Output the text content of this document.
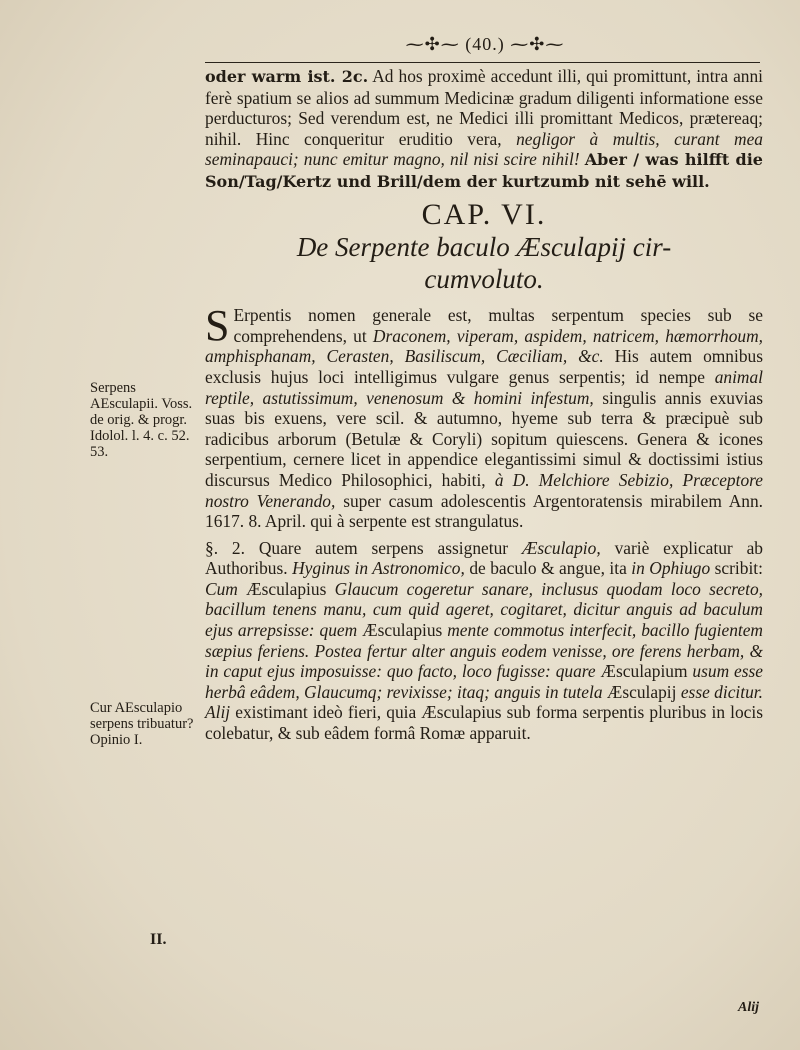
⁓✣⁓ (40.) ⁓✣⁓

oder warm ist. 2c. Ad hos proximè accedunt illi, qui promittunt, intra anni ferè spatium se alios ad summum Medicinæ gradum diligenti informatione esse perducturos; Sed verendum est, ne Medici illi promittant Medicos, prætereaq; nihil. Hinc conqueritur eruditio vera, negligor à multis, curant mea seminapauci; nunc emitur magno, nil nisi scire nihil! Aber / was hilfft die Son/Tag/Kertz und Brill/dem der kurtzumb nit sehē will.

CAP. VI.
De Serpente baculo Æsculapij cir-
cumvoluto.

S Erpentis nomen generale est, multas serpentum species sub se comprehendens, ut Draconem, viperam, aspidem, natricem, hæmorrhoum, amphisphanam, Cerasten, Basiliscum, Cæciliam, &c. His autem omnibus exclusis hujus loci intelligimus vulgare genus serpentis; id nempe animal reptile, astutissimum, venenosum & homini infestum, singulis annis exuvias suas bis exuens, vere scil. & autumno, hyeme sub terra & præcipuè sub radicibus arborum (Betulæ & Coryli) sopitum quiescens. Genera & icones serpentium, cernere licet in appendice elegantissimi simul & doctissimi istius discursus Medico Philosophici, habiti, à D. Melchiore Sebizio, Præceptore nostro Venerando, super casum adolescentis Argentoratensis mirabilem Ann. 1617. 8. April. qui à serpente est strangulatus.

§. 2. Quare autem serpens assignetur Æsculapio, variè explicatur ab Authoribus. Hyginus in Astronomico, de baculo & angue, ita in Ophiugo scribit: Cum Æsculapius Glaucum cogeretur sanare, inclusus quodam loco secreto, bacillum tenens manu, cum quid ageret, cogitaret, dicitur anguis ad baculum ejus arrepsisse: quem Æsculapius mente commotus interfecit, bacillo fugientem sæpius feriens. Postea fertur alter anguis eodem venisse, ore ferens herbam, & in caput ejus imposuisse: quo facto, loco fugisse: quare Æsculapium usum esse herbâ eâdem, Glaucumq; revixisse; itaq; anguis in tutela Æsculapij esse dicitur. Alij existimant ideò fieri, quia Æsculapius sub forma serpentis pluribus in locis colebatur, & sub eâdem formâ Romæ apparuit.

Serpens AEsculapii. Voss. de orig. & progr. Idolol. l. 4. c. 52. 53.
Cur AEsculapio serpens tribuatur? Opinio I.
II.
Alij
